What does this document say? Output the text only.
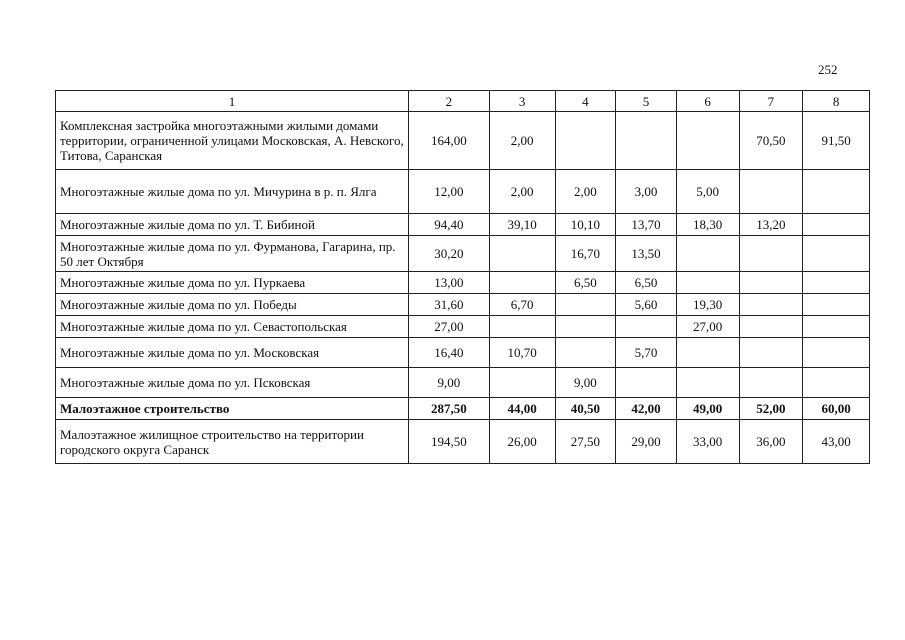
252
1	2	3	4	5	6	7	8
Комплексная застройка многоэтажными жилыми домами территории, ограниченной улицами Московская, А. Невского, Титова, Саранская	164,00	2,00				70,50	91,50
Многоэтажные жилые дома по ул. Мичурина в р. п. Ялга	12,00	2,00	2,00	3,00	5,00		
Многоэтажные жилые дома по ул. Т. Бибиной	94,40	39,10	10,10	13,70	18,30	13,20	
Многоэтажные жилые дома по ул. Фурманова, Гагарина, пр. 50 лет Октября	30,20		16,70	13,50			
Многоэтажные жилые дома по ул. Пуркаева	13,00		6,50	6,50			
Многоэтажные жилые дома по ул. Победы	31,60	6,70		5,60	19,30		
Многоэтажные жилые дома по ул. Севастопольская	27,00				27,00		
Многоэтажные жилые дома по ул. Московская	16,40	10,70		5,70			
Многоэтажные жилые дома по ул. Псковская	9,00		9,00				
Малоэтажное строительство	287,50	44,00	40,50	42,00	49,00	52,00	60,00
Малоэтажное жилищное строительство на территории городского округа Саранск	194,50	26,00	27,50	29,00	33,00	36,00	43,00
